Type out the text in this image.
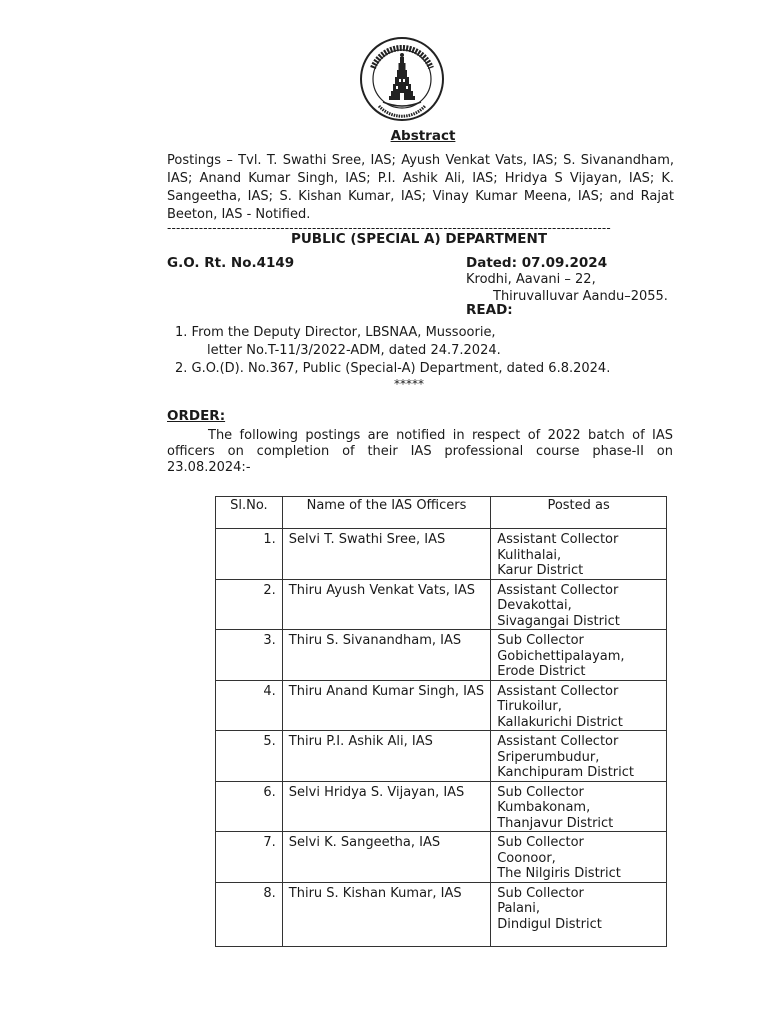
Abstract
Postings – Tvl. T. Swathi Sree, IAS; Ayush Venkat Vats, IAS; S. Sivanandham, IAS; Anand Kumar Singh, IAS; P.I. Ashik Ali, IAS; Hridya S Vijayan, IAS; K. Sangeetha, IAS; S. Kishan Kumar, IAS; Vinay Kumar Meena, IAS; and Rajat Beeton, IAS - Notified.
--------------------------------------------------------------------------------------------------
PUBLIC (SPECIAL A) DEPARTMENT
G.O. Rt. No.4149	Dated: 07.09.2024
Krodhi, Aavani – 22,
Thiruvalluvar Aandu–2055.
READ:
1. From the Deputy Director, LBSNAA, Mussoorie,
letter No.T-11/3/2022-ADM, dated 24.7.2024.
2. G.O.(D). No.367, Public (Special-A) Department, dated 6.8.2024.
*****
ORDER:
The following postings are notified in respect of 2022 batch of IAS officers on completion of their IAS professional course phase-II on 23.08.2024:-
Sl.No.	Name of the IAS Officers	Posted as
1.	Selvi T. Swathi Sree, IAS	Assistant Collector
Kulithalai,
Karur District

2.	Thiru Ayush Venkat Vats, IAS	Assistant Collector
Devakottai,
Sivagangai District

3.	Thiru S. Sivanandham, IAS	Sub Collector
Gobichettipalayam,
Erode District

4.	Thiru Anand Kumar Singh, IAS	Assistant Collector
Tirukoilur,
Kallakurichi District

5.	Thiru P.I. Ashik Ali, IAS	Assistant Collector
Sriperumbudur,
Kanchipuram District

6.	Selvi Hridya S. Vijayan, IAS	Sub Collector
Kumbakonam,
Thanjavur District

7.	Selvi K. Sangeetha, IAS	Sub Collector
Coonoor,
The Nilgiris District

8.	Thiru S. Kishan Kumar, IAS	Sub Collector
Palani,
Dindigul District
